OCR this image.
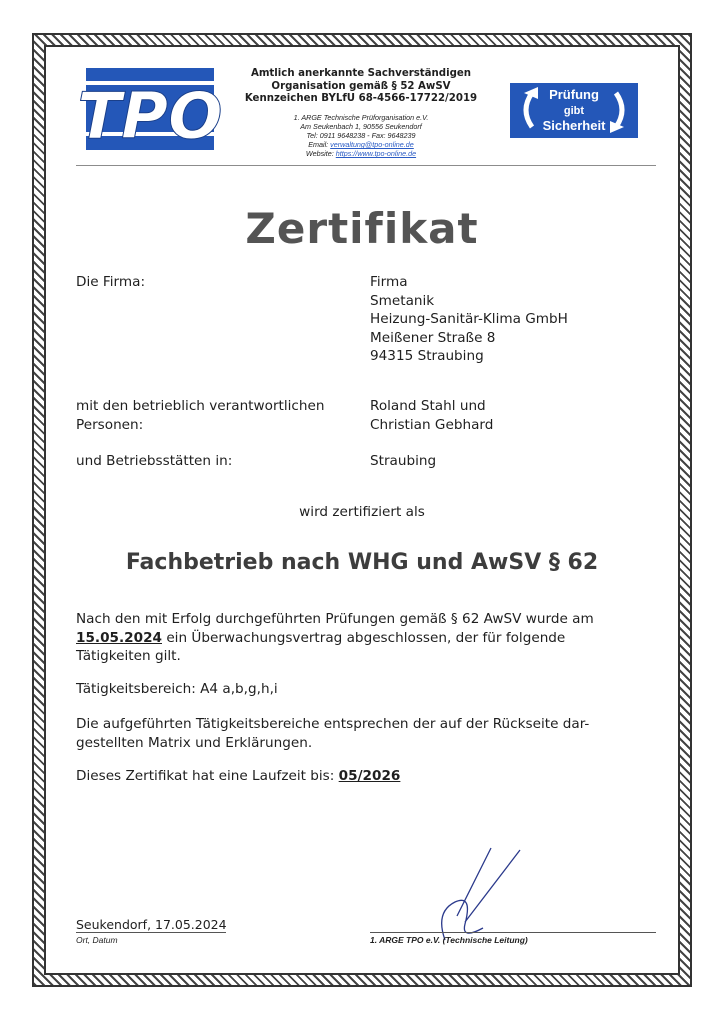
TPO
Amtlich anerkannte Sachverständigen
Organisation gemäß § 52 AwSV
Kennzeichen BYLfU 68-4566-17722/2019
1. ARGE Technische Prüforganisation e.V.
Am Seukenbach 1, 90556 Seukendorf
Tel: 0911 9648238 - Fax: 9648239
Email: verwaltung@tpo-online.de
Website: https://www.tpo-online.de
Prüfung
gibt
Sicherheit
Zertifikat
Die Firma:	Firma
Smetanik
Heizung-Sanitär-Klima GmbH
Meißener Straße 8
94315 Straubing
mit den betrieblich verantwortlichen
Personen:
Roland Stahl und
Christian Gebhard
und Betriebsstätten in:	Straubing
wird zertifiziert als
Fachbetrieb nach WHG und AwSV § 62
Nach den mit Erfolg durchgeführten Prüfungen gemäß § 62 AwSV wurde am
15.05.2024 ein Überwachungsvertrag abgeschlossen, der für folgende
Tätigkeiten gilt.
Tätigkeitsbereich: A4 a,b,g,h,i
Die aufgeführten Tätigkeitsbereiche entsprechen der auf der Rückseite dar-
gestellten Matrix und Erklärungen.
Dieses Zertifikat hat eine Laufzeit bis: 05/2026
Seukendorf, 17.05.2024
Ort, Datum	1. ARGE TPO e.V. (Technische Leitung)
